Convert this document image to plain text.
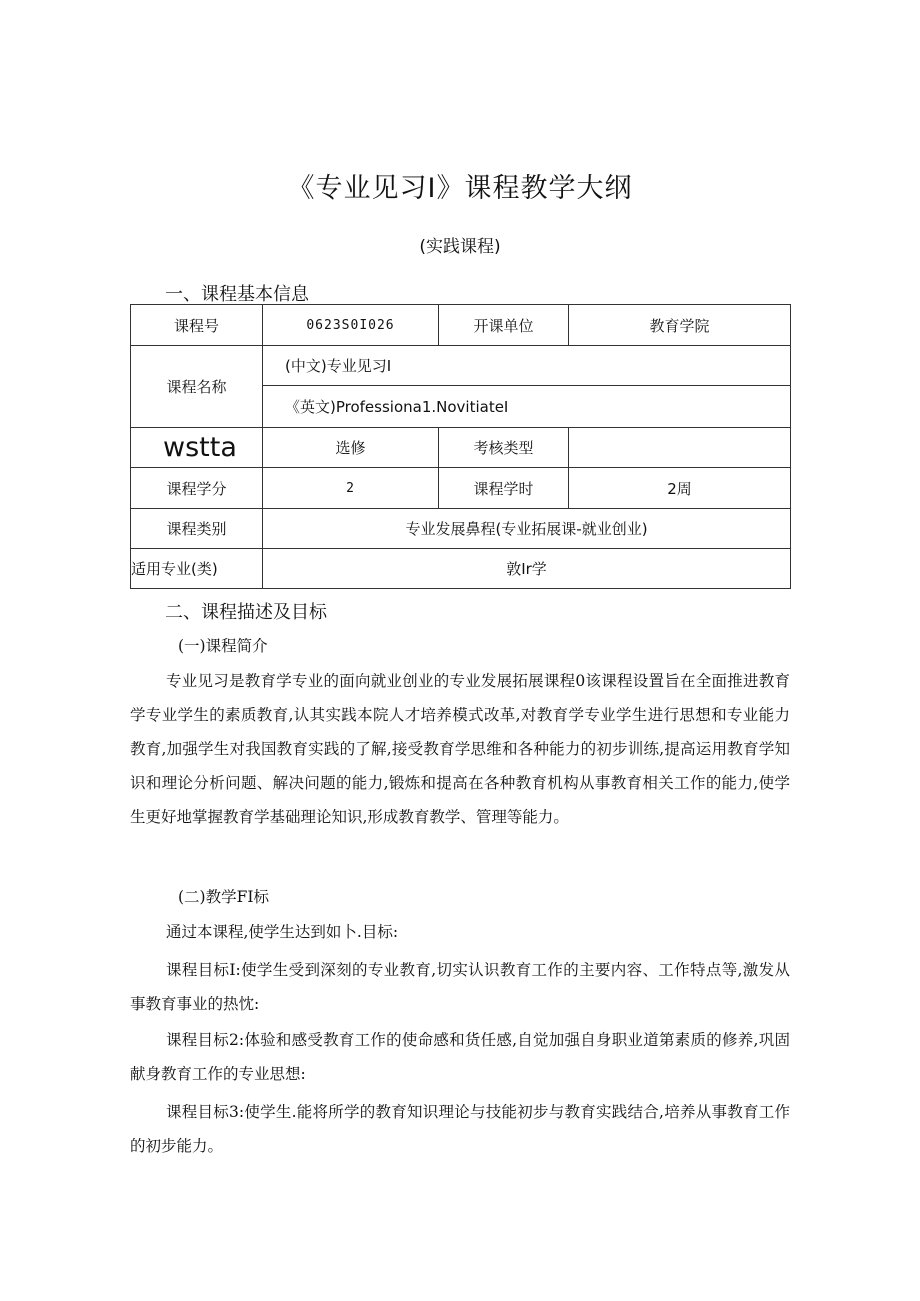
《专业见习I》课程教学大纲
(实践课程)
一、课程基本信息
课程号	0623S0I026	开课单位	教育学院
课程名称	(中文)专业见习I		
	《英文)Professiona1.NovitiateI		
wstta	选修	考核类型	
课程学分	2	课程学时	2周
课程类别	专业发展鼻程(专业拓展课-就业创业)		
适用专业(类)	敦Ir学		
二、课程描述及目标
(一)课程简介

专业见习是教育学专业的面向就业创业的专业发展拓展课程0该课程设置旨在全面推进教育学专业学生的素质教育,认其实践本院人才培养模式改革,对教育学专业学生进行思想和专业能力教育,加强学生对我国教育实践的了解,接受教育学思维和各种能力的初步训练,提高运用教育学知识和理论分析问题、解决问题的能力,锻炼和提高在各种教育机构从事教育相关工作的能力,使学生更好地掌握教育学基础理论知识,形成教育教学、管理等能力。

(二)教学FI标

通过本课程,使学生达到如卜.目标:

课程目标I:使学生受到深刻的专业教育,切实认识教育工作的主要内容、工作特点等,激发从事教育事业的热忱:

课程目标2:体验和感受教育工作的使命感和货任感,自觉加强自身职业道第素质的修养,巩固献身教育工作的专业思想:

课程目标3:使学生.能将所学的教育知识理论与技能初步与教育实践结合,培养从事教育工作的初步能力。
